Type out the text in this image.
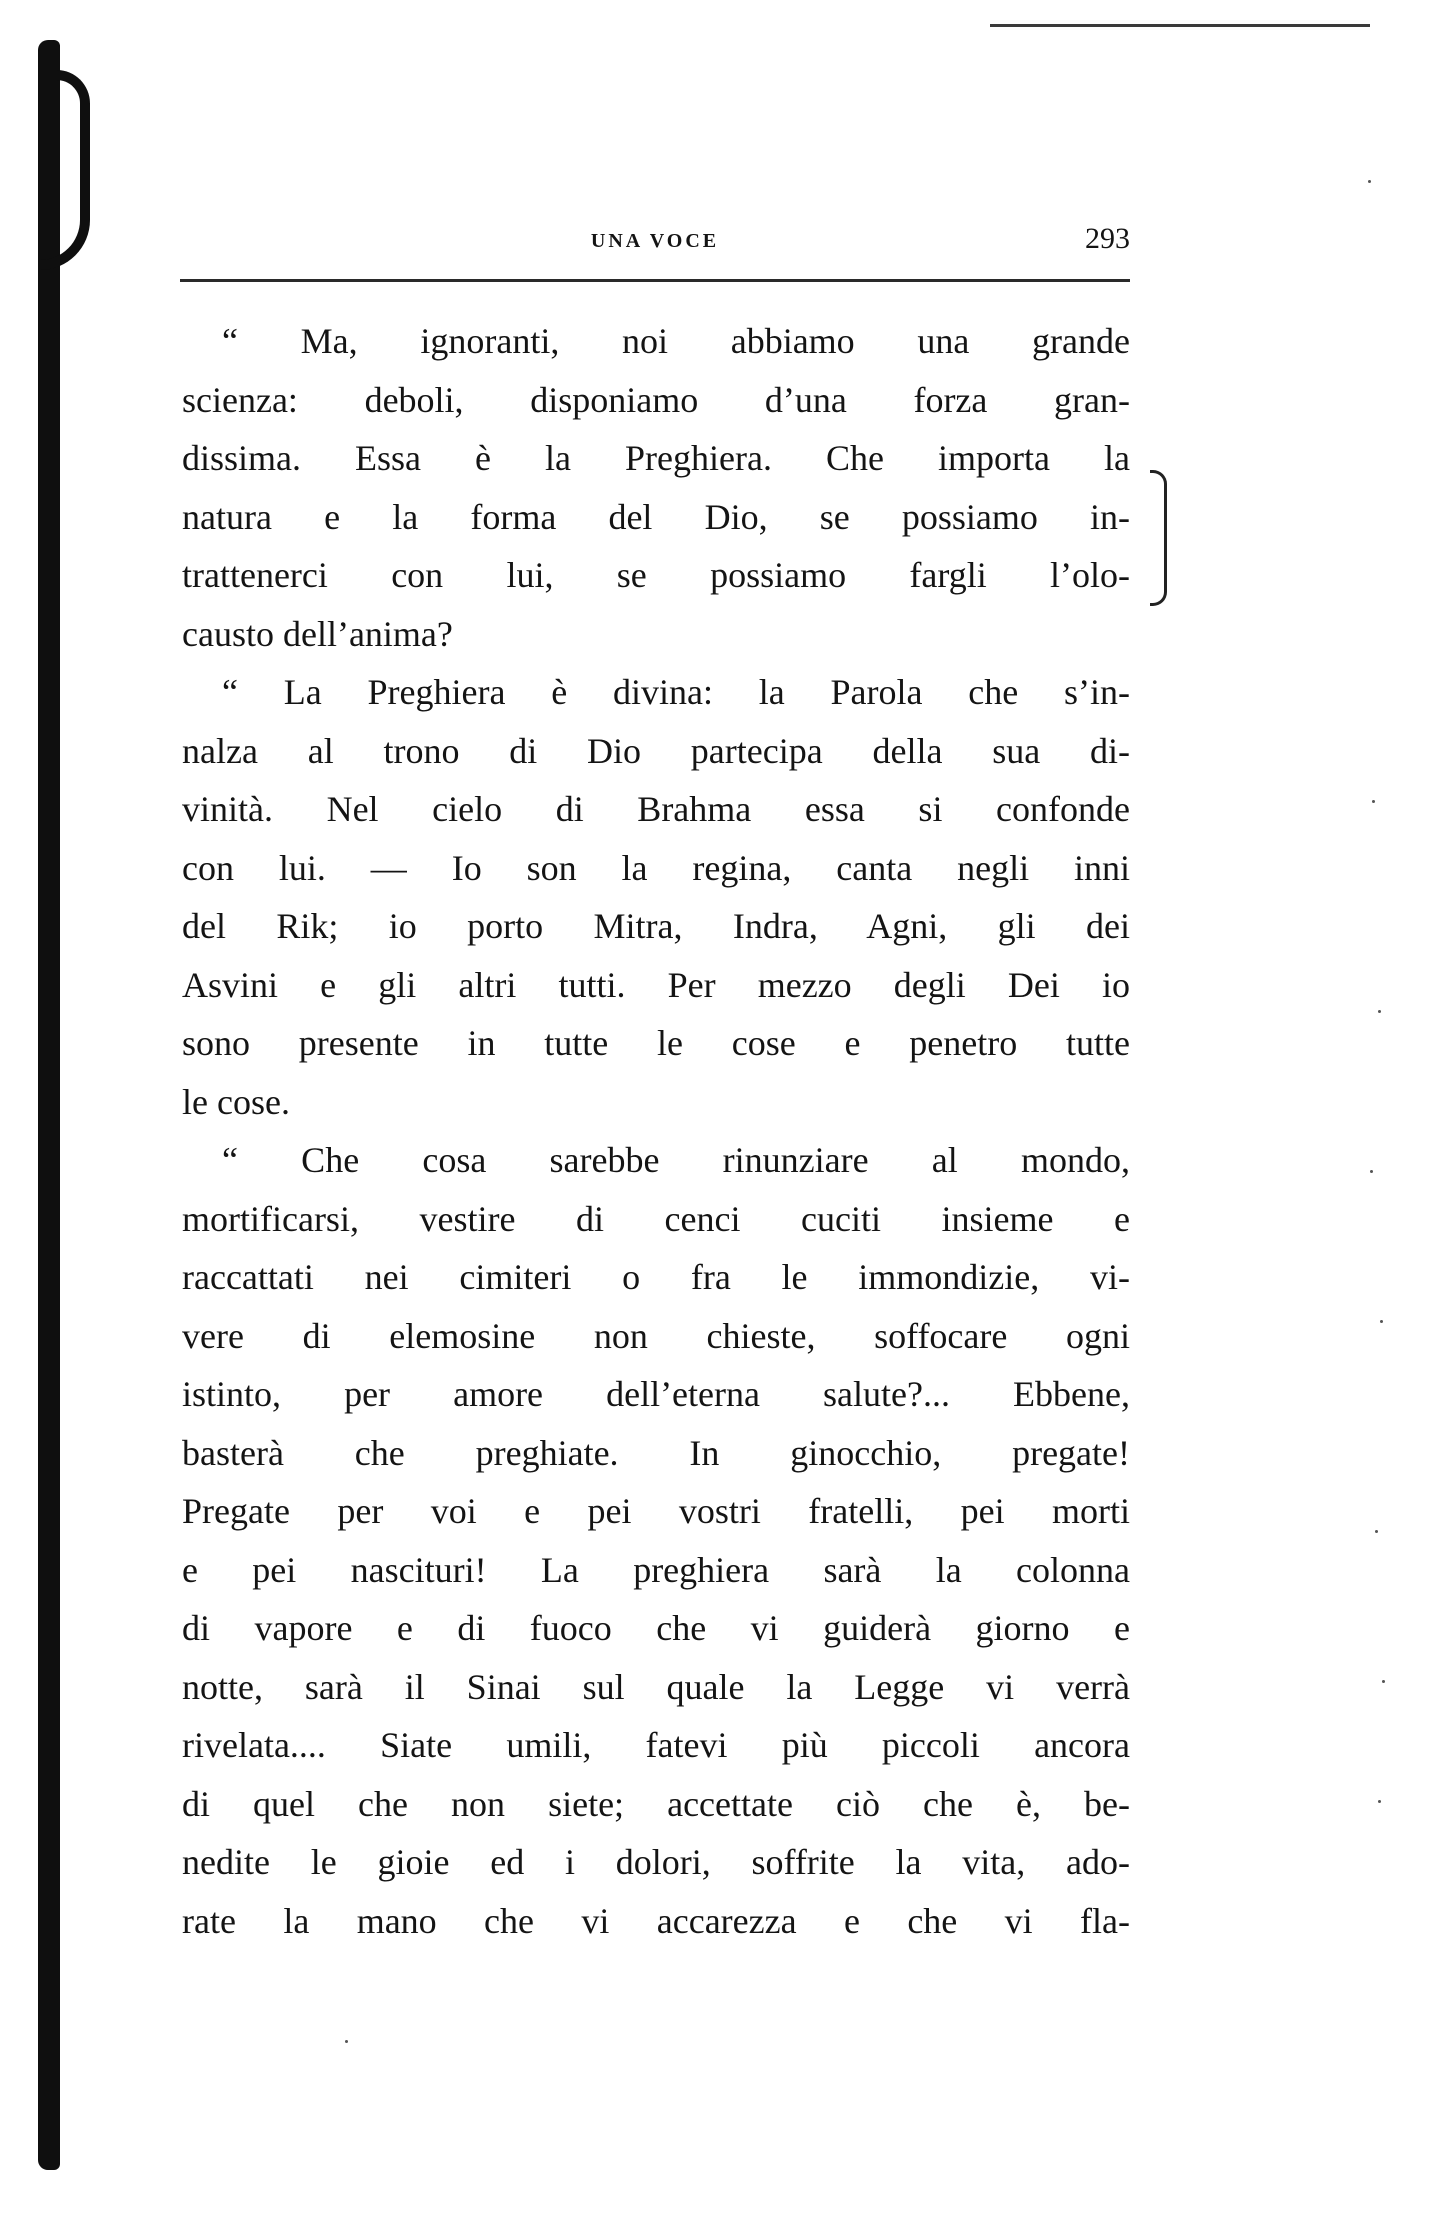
UNA VOCE	293
“ Ma, ignoranti, noi abbiamo una grande
scienza: deboli, disponiamo d’una forza gran-
dissima. Essa è la Preghiera. Che importa la
natura e la forma del Dio, se possiamo in-
trattenerci con lui, se possiamo fargli l’olo-
causto dell’anima?
“ La Preghiera è divina: la Parola che s’in-
nalza al trono di Dio partecipa della sua di-
vinità. Nel cielo di Brahma essa si confonde
con lui. — Io son la regina, canta negli inni
del Rik; io porto Mitra, Indra, Agni, gli dei
Asvini e gli altri tutti. Per mezzo degli Dei io
sono presente in tutte le cose e penetro tutte
le cose.
“ Che cosa sarebbe rinunziare al mondo,
mortificarsi, vestire di cenci cuciti insieme e
raccattati nei cimiteri o fra le immondizie, vi-
vere di elemosine non chieste, soffocare ogni
istinto, per amore dell’eterna salute?... Ebbene,
basterà che preghiate. In ginocchio, pregate!
Pregate per voi e pei vostri fratelli, pei morti
e pei nascituri! La preghiera sarà la colonna
di vapore e di fuoco che vi guiderà giorno e
notte, sarà il Sinai sul quale la Legge vi verrà
rivelata.... Siate umili, fatevi più piccoli ancora
di quel che non siete; accettate ciò che è, be-
nedite le gioie ed i dolori, soffrite la vita, ado-
rate la mano che vi accarezza e che vi fla-
